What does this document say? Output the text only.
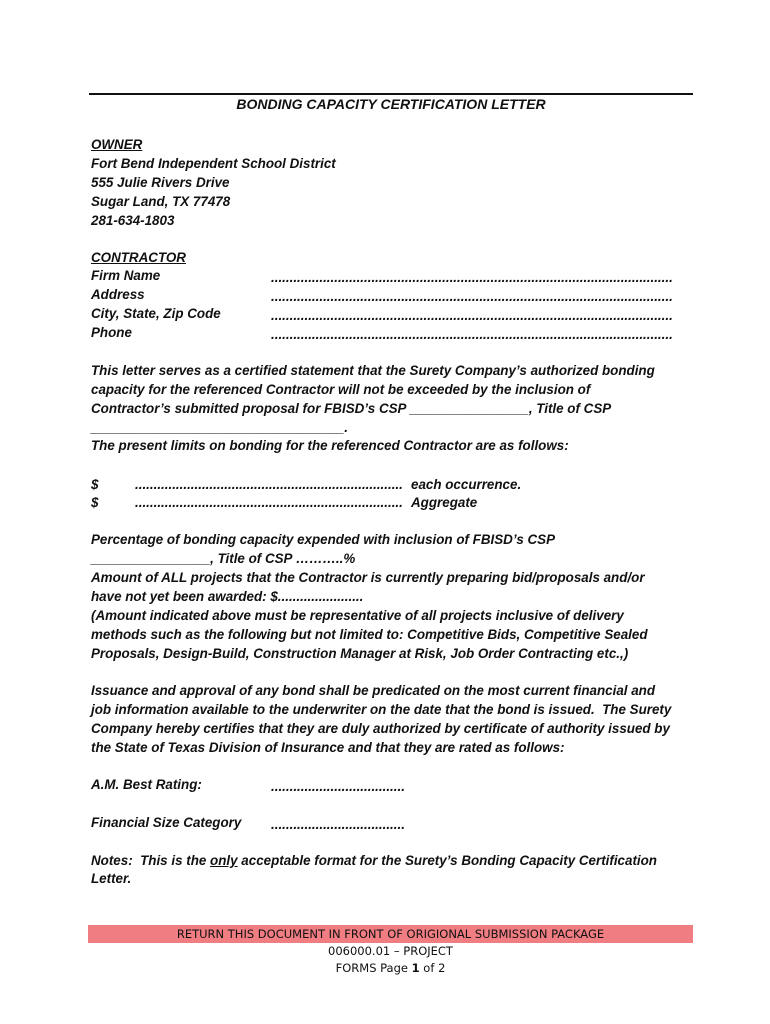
BONDING CAPACITY CERTIFICATION LETTER

OWNER

Fort Bend Independent School District

555 Julie Rivers Drive

Sugar Land, TX 77478

281-634-1803

CONTRACTOR

Firm Name	............................................................................................................

Address	............................................................................................................

City, State, Zip Code	............................................................................................................

Phone	............................................................................................................

This letter serves as a certified statement that the Surety Company’s authorized bonding

capacity for the referenced Contractor will not be exceeded by the inclusion of

Contractor’s submitted proposal for FBISD’s CSP ________________, Title of CSP

__________________________________.

The present limits on bonding for the referenced Contractor are as follows:

$	........................................................................ each occurrence.

$	........................................................................ Aggregate

Percentage of bonding capacity expended with inclusion of FBISD’s CSP

________________, Title of CSP ………..%

Amount of ALL projects that the Contractor is currently preparing bid/proposals and/or

have not yet been awarded: $.......................

(Amount indicated above must be representative of all projects inclusive of delivery

methods such as the following but not limited to: Competitive Bids, Competitive Sealed

Proposals, Design-Build, Construction Manager at Risk, Job Order Contracting etc.,)

Issuance and approval of any bond shall be predicated on the most current financial and

job information available to the underwriter on the date that the bond is issued.  The Surety

Company hereby certifies that they are duly authorized by certificate of authority issued by

the State of Texas Division of Insurance and that they are rated as follows:

A.M. Best Rating:	....................................

Financial Size Category ....................................

Notes:  This is the only acceptable format for the Surety’s Bonding Capacity Certification

Letter.

RETURN THIS DOCUMENT IN FRONT OF ORIGIONAL SUBMISSION PACKAGE
006000.01 – PROJECT
FORMS Page 1 of 2
